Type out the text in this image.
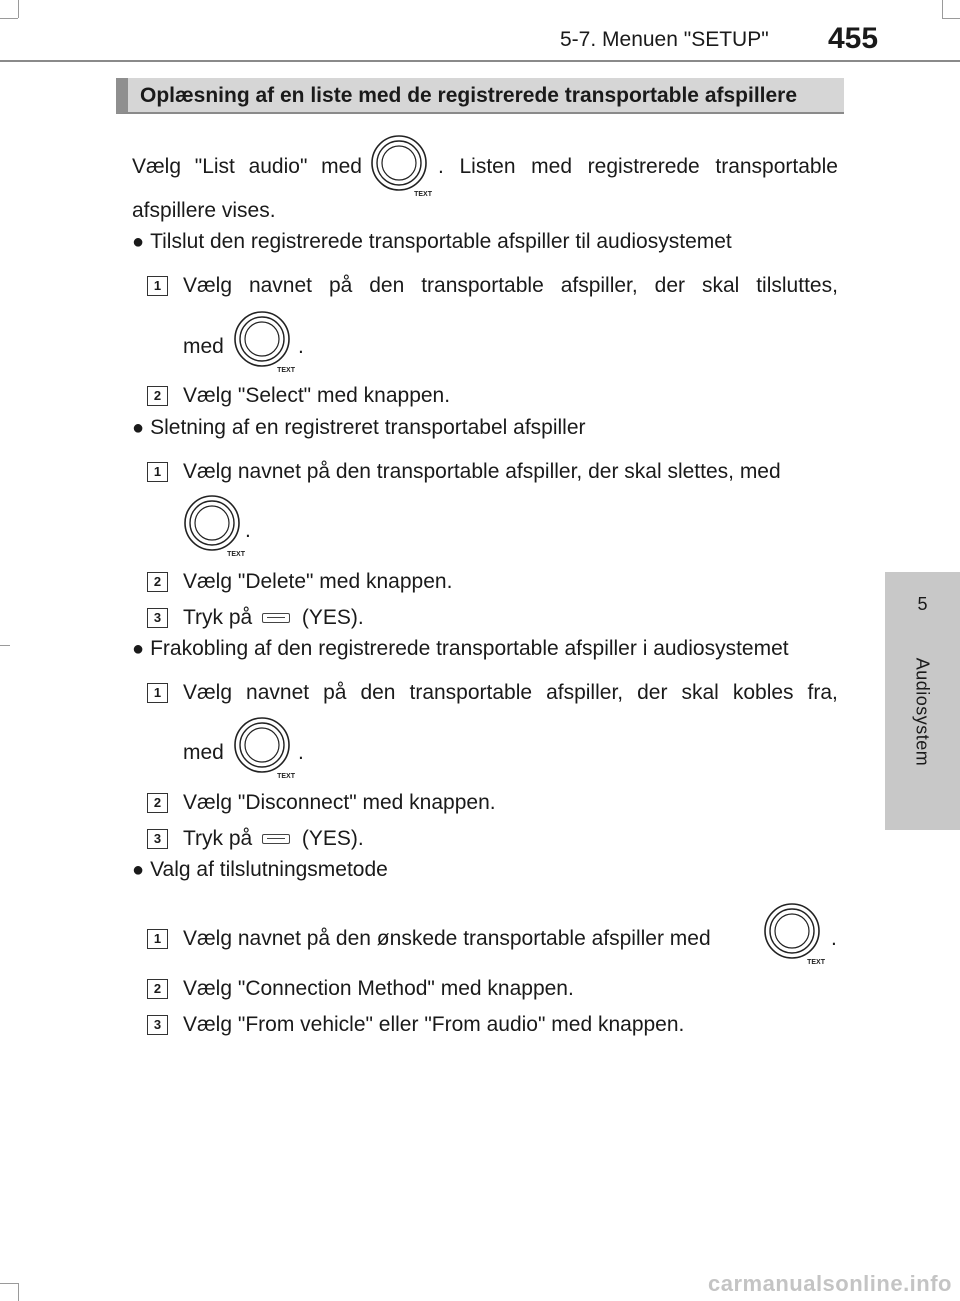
5-7. Menuen "SETUP" 455
5
Audiosystem
Oplæsning af en liste med de registrerede transportable afspillere
Vælg "List audio" med
TEXT
. Listen med registrerede transportable
afspillere vises.
● Tilslut den registrerede transportable afspiller til audiosystemet
1	Vælg navnet på den transportable afspiller, der skal tilsluttes,
med
TEXT
.
2	Vælg "Select" med knappen.
● Sletning af en registreret transportabel afspiller
1	Vælg navnet på den transportable afspiller, der skal slettes, med
TEXT
.
2	Vælg "Delete" med knappen.
3	Tryk på (YES).
● Frakobling af den registrerede transportable afspiller i audiosystemet
1	Vælg navnet på den transportable afspiller, der skal kobles fra,
med
TEXT
.
2	Vælg "Disconnect" med knappen.
3	Tryk på (YES).
● Valg af tilslutningsmetode
1	Vælg navnet på den ønskede transportable afspiller med
TEXT
.
2	Vælg "Connection Method" med knappen.
3	Vælg "From vehicle" eller "From audio" med knappen.
carmanualsonline.info
